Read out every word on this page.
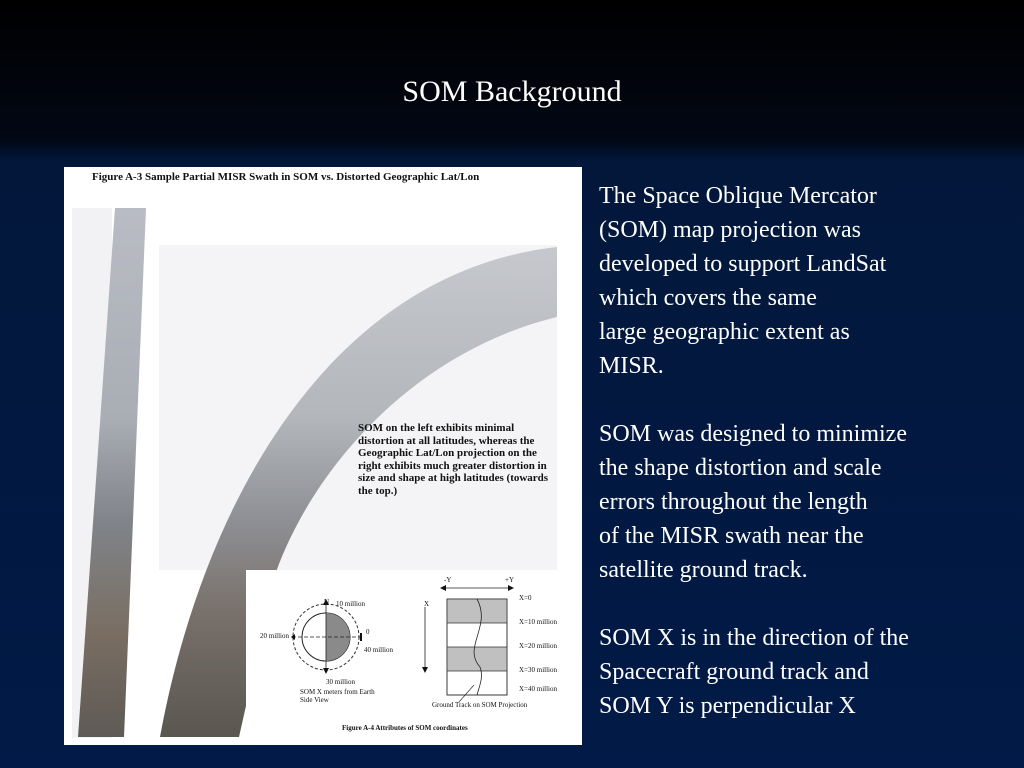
SOM Background
Figure A-3 Sample Partial MISR Swath in SOM vs. Distorted Geographic Lat/Lon
SOM on the left exhibits minimal distortion at all latitudes, whereas the Geographic Lat/Lon projection on the right exhibits much greater distortion in size and shape at high latitudes (towards the top.)
N 10 million
20 million	0
40 million
30 million
SOM X meters from Earth Side View
-Y	+Y
X
X=0
X=10 million
X=20 million
X=30 million
X=40 million
Ground Track on SOM Projection
Figure A-4 Attributes of SOM coordinates

The Space Oblique Mercator
(SOM) map projection was
developed to support LandSat
which covers the same
large geographic extent as
MISR.

SOM was designed to minimize
the shape distortion and scale
errors throughout the length
of the MISR swath near the
satellite ground track.

SOM X is in the direction of the
Spacecraft ground track and
SOM Y is perpendicular X
